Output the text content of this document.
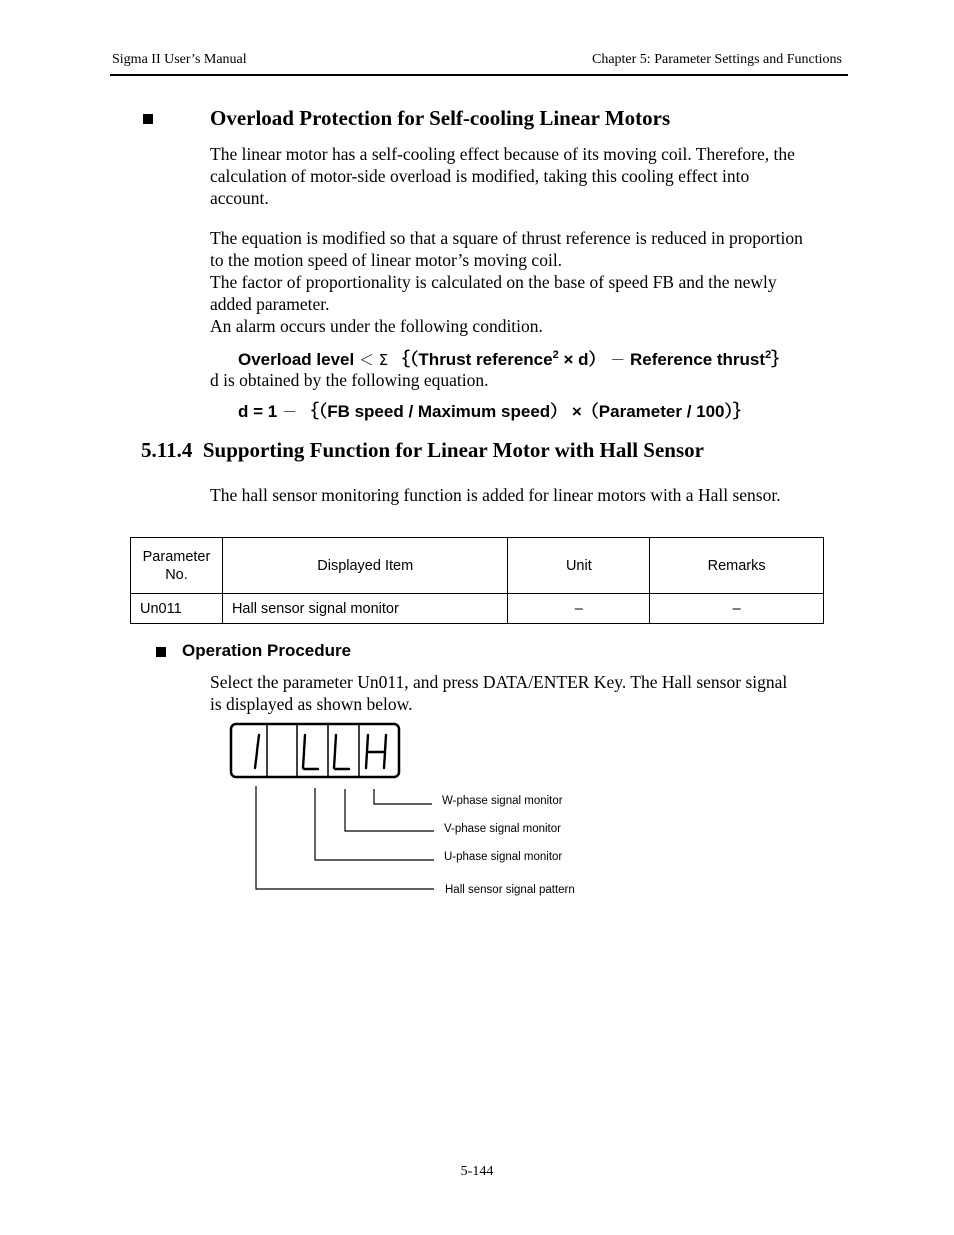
Sigma II User’s Manual	Chapter 5: Parameter Settings and Functions
Overload Protection for Self-cooling Linear Motors
The linear motor has a self-cooling effect because of its moving coil. Therefore, the
calculation of motor-side overload is modified, taking this cooling effect into
account.
The equation is modified so that a square of thrust reference is reduced in proportion
to the motion speed of linear motor’s moving coil.
The factor of proportionality is calculated on the base of speed FB and the newly
added parameter.
An alarm occurs under the following condition.
Overload level ＜ Σ ｛（Thrust reference$^2$ × d） － Reference thrust$^2$｝
d is obtained by the following equation.
d = 1 － ｛（FB speed / Maximum speed） ×（Parameter / 100）｝
5.11.4  Supporting Function for Linear Motor with Hall Sensor
The hall sensor monitoring function is added for linear motors with a Hall sensor.
Parameter No.	Displayed Item	Unit	Remarks
Un011	Hall sensor signal monitor	–	–
Operation Procedure
Select the parameter Un011, and press DATA/ENTER Key. The Hall sensor signal
is displayed as shown below.
W-phase signal monitor
V-phase signal monitor
U-phase signal monitor
Hall sensor signal pattern
5-144
